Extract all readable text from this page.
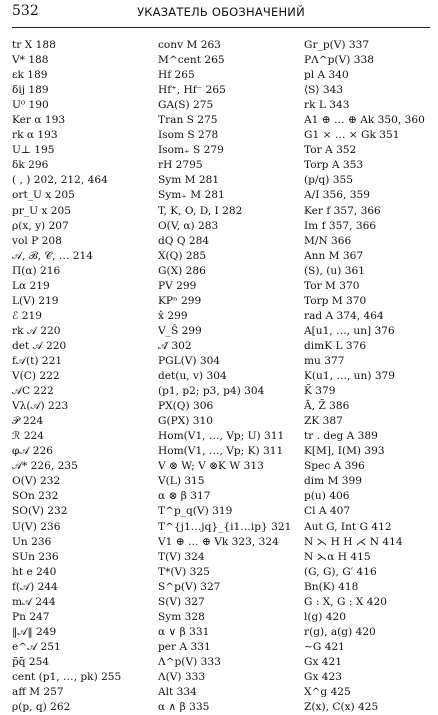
532	УКАЗАТЕЛЬ ОБОЗНАЧЕНИЙ
tr X 188
V* 188
εk 189
δij 189
U⁰ 190
Ker α 193
rk α 193
U⊥ 195
δk 296
( , ) 202, 212, 464
ort_U x 205
pr_U x 205
ρ(x, y) 207
vol P 208
𝒜, ℬ, 𝒞, … 214
Π(α) 216
Lα 219
L(V) 219
ℰ 219
rk 𝒜 220
det 𝒜 220
f𝒜(t) 221
V(C) 222
𝒜C 222
Vλ(𝒜) 223
𝒫 224
ℛ 224
φ𝒜 226
𝒜* 226, 235
O(V) 232
SOn 232
SO(V) 232
U(V) 236
Un 236
SUn 236
ht e 240
f(𝒜) 244
m𝒜 244
Pn 247
‖𝒜‖ 249
e^𝒜 251
p̄q̄ 254
cent (p1, …, pk) 255
aff M 257
ρ(p, q) 262
conv M 263
M^cent 265
Hf 265
Hf⁺, Hf⁻ 265
GA(S) 275
Tran S 275
Isom S 278
Isom₊ S 279
rH 2795
Sym M 281
Sym₊ M 281
T, K, O, D, I 282
O(V, α) 283
dQ Q 284
X(Q) 285
G(X) 286
PV 299
KPⁿ 299
x̂ 299
V_Ŝ 299
𝒜̂ 302
PGL(V) 304
det(u, v) 304
(p1, p2; p3, p4) 304
PX(Q) 306
G(PX) 310
Hom(V1, …, Vp; U) 311
Hom(V1, …, Vp; K) 311
V ⊗ W; V ⊗K W 313
V(L) 315
α ⊗ β 317
T^p_q(V) 319
T^{j1…jq}_{i1…ip} 321
V1 ⊕ … ⊕ Vk 323, 324
T(V) 324
T*(V) 325
S^p(V) 327
S(V) 327
Sym 328
α ∨ β 331
per A 331
Λ^p(V) 333
Λ(V) 333
Alt 334
α ∧ β 335
Gr_p(V) 337
PΛ^p(V) 338
pl A 340
⟨S⟩ 343
rk L 343
A1 ⊕ … ⊕ Ak 350, 360
G1 × … × Gk 351
Tor A 352
Torp A 353
(p/q) 355
A/I 356, 359
Ker f 357, 366
Im f 357, 366
M/N 366
Ann M 367
(S), (u) 361
Tor M 370
Torp M 370
rad A 374, 464
A[u1, …, un] 376
dimK L 376
mu 377
K(u1, …, un) 379
K̄ 379
Ā, Z̄ 386
ZK 387
tr . deg A 389
K[M], I(M) 393
Spec A 396
dim M 399
p(u) 406
Cl A 407
Aut G, Int G 412
N ⋋ H H ⋌ N 414
N ⋋α H 415
(G, G), G′ 416
Bn(K) 418
G : X, G : X 420
l(g) 420
r(g), a(g) 420
∼G 421
Gx 421
Gx 423
X^g 425
Z(x), C(x) 425
